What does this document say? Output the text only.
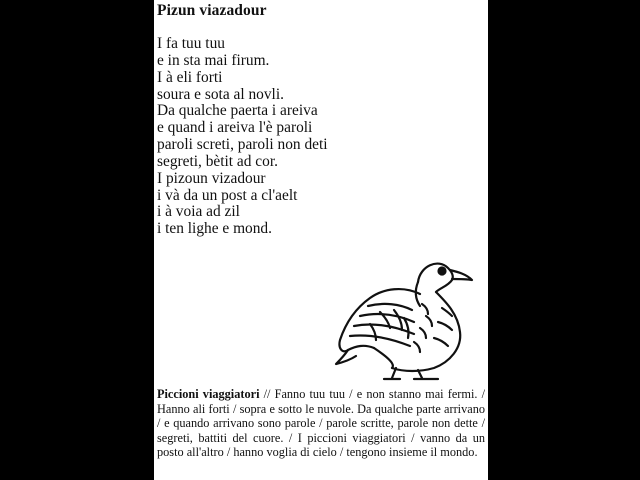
Pizun viazadour
I fa tuu tuu
e in sta mai firum.
I à eli forti
soura e sota al novli.
Da qualche paerta i areiva
e quand i areiva l'è paroli
paroli screti, paroli non deti
segreti, bètit ad cor.
I pizoun vizadour
i và da un post a cl'aelt
i à voia ad zil
i ten lighe e mond.
Piccioni viaggiatori // Fanno tuu tuu / e non stanno mai fermi. / Hanno ali forti / sopra e sotto le nuvole. Da qualche parte arrivano / e quando arrivano sono parole / parole scritte, parole non dette / segreti, battiti del cuore. / I piccioni viaggiatori / vanno da un posto all'altro / hanno voglia di cielo / tengono insieme il mondo.
